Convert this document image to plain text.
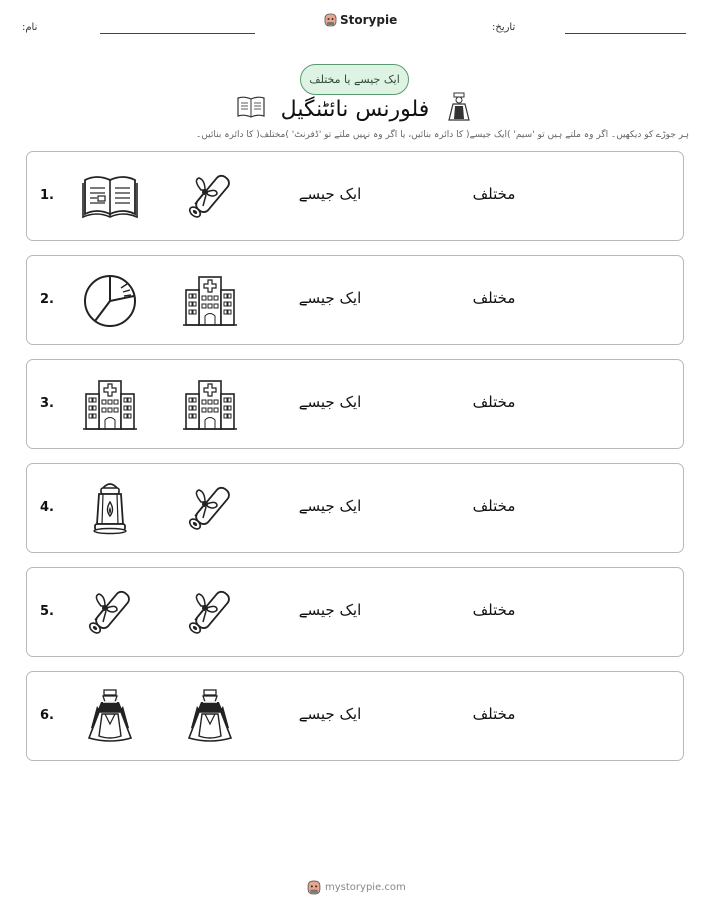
نام:
Storypie
تاریخ:
ایک جیسے یا مختلف
فلورنس نائٹنگیل
ہر جوڑے کو دیکھیں۔ اگر وہ ملتے ہیں تو 'سیم' )ایک جیسے( کا دائرہ بنائیں، یا اگر وہ نہیں ملتے تو 'ڈفرنٹ' )مختلف( کا دائرہ بنائیں۔
1.	ایک جیسے	مختلف
2.	ایک جیسے	مختلف
3.	ایک جیسے	مختلف
4.	ایک جیسے	مختلف
5.	ایک جیسے	مختلف
6.	ایک جیسے	مختلف
mystorypie.com
